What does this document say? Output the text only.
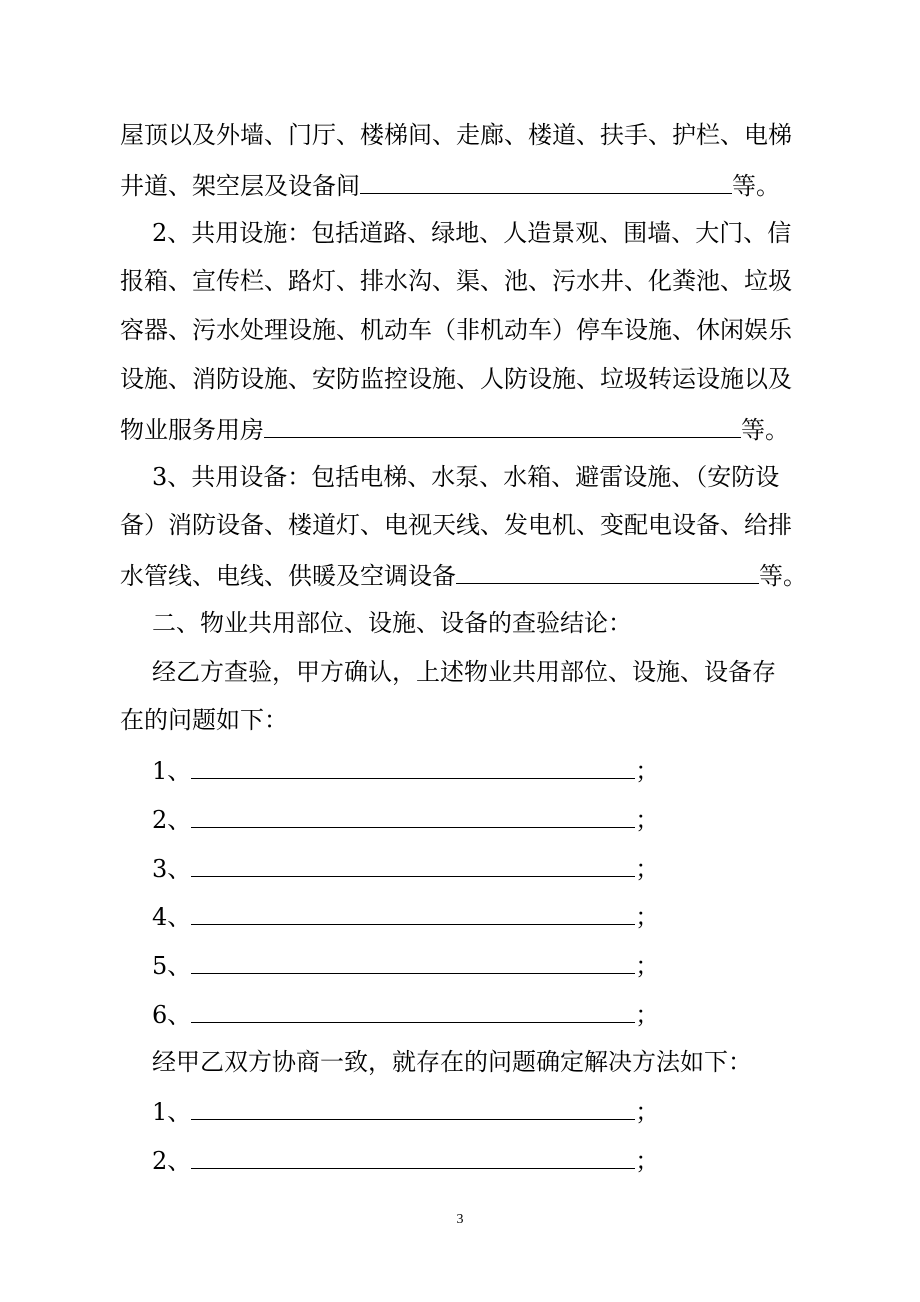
屋顶以及外墙、门厅、楼梯间、走廊、楼道、扶手、护栏、电梯
井道、架空层及设备间	等。
2、共用设施：包括道路、绿地、人造景观、围墙、大门、信
报箱、宣传栏、路灯、排水沟、渠、池、污水井、化粪池、垃圾
容器、污水处理设施、机动车（非机动车）停车设施、休闲娱乐
设施、消防设施、安防监控设施、人防设施、垃圾转运设施以及
物业服务用房	等。
3、共用设备：包括电梯、水泵、水箱、避雷设施、（安防设
备）消防设备、楼道灯、电视天线、发电机、变配电设备、给排
水管线、电线、供暖及空调设备	等。
二、物业共用部位、设施、设备的查验结论：
经乙方查验，甲方确认，上述物业共用部位、设施、设备存
在的问题如下：
1、	；
2、	；
3、	；
4、	；
5、	；
6、	；
经甲乙双方协商一致，就存在的问题确定解决方法如下：
1、	；
2、	；
3
